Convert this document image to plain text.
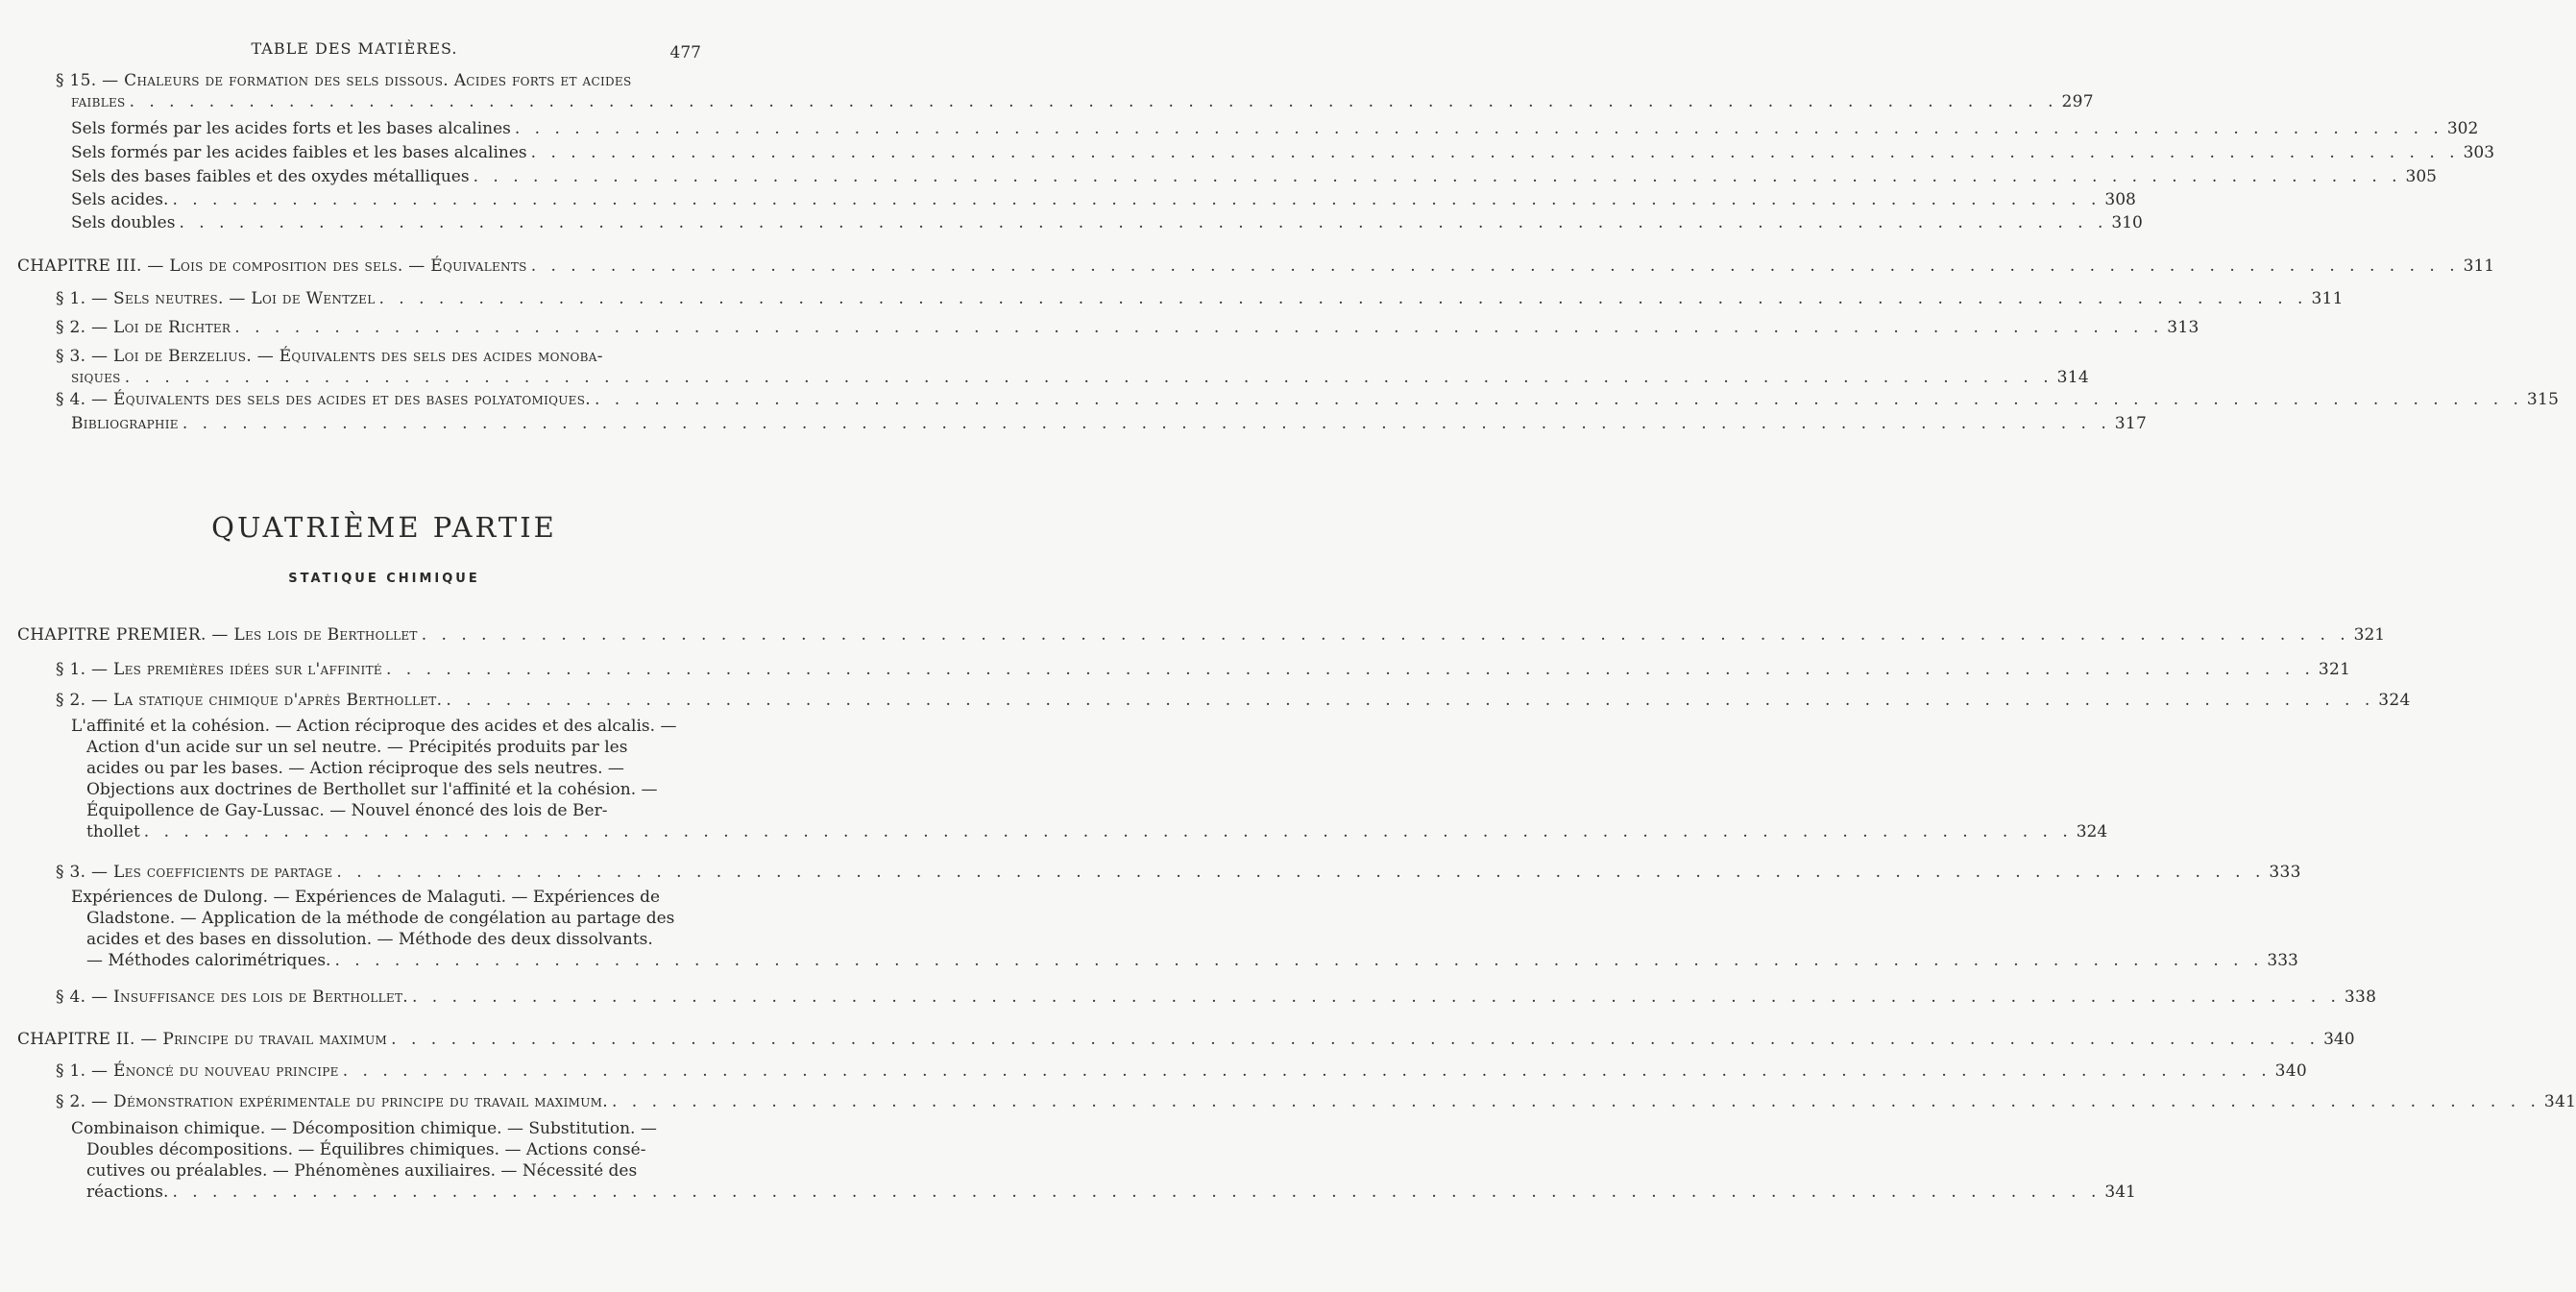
TABLE DES MATIÈRES.	477
§ 15. — Chaleurs de formation des sels dissous. Acides forts et acides
faibles . . . . . . . . . . . . . . . . . . . . . . . . . . . . . . . . . . . . . . . . . . . . . . . . . . . . . . . . . . . . . . . . . . . . . . . . . . . . . . . . . . . . . . . . . . . . . . . . . 297
Sels formés par les acides forts et les bases alcalines . . . . . . . . . . . . . . . . . . . . . . . . . . . . . . . . . . . . . . . . . . . . . . . . . . . . . . . . . . . . . . . . . . . . . . . . . . . . . . . . . . . . . . . . . . . . . . . . . 302
Sels formés par les acides faibles et les bases alcalines . . . . . . . . . . . . . . . . . . . . . . . . . . . . . . . . . . . . . . . . . . . . . . . . . . . . . . . . . . . . . . . . . . . . . . . . . . . . . . . . . . . . . . . . . . . . . . . . . 303
Sels des bases faibles et des oxydes métalliques . . . . . . . . . . . . . . . . . . . . . . . . . . . . . . . . . . . . . . . . . . . . . . . . . . . . . . . . . . . . . . . . . . . . . . . . . . . . . . . . . . . . . . . . . . . . . . . . . 305
Sels acides. . . . . . . . . . . . . . . . . . . . . . . . . . . . . . . . . . . . . . . . . . . . . . . . . . . . . . . . . . . . . . . . . . . . . . . . . . . . . . . . . . . . . . . . . . . . . . . . . . 308
Sels doubles . . . . . . . . . . . . . . . . . . . . . . . . . . . . . . . . . . . . . . . . . . . . . . . . . . . . . . . . . . . . . . . . . . . . . . . . . . . . . . . . . . . . . . . . . . . . . . . . . 310
CHAPITRE III. — Lois de composition des sels. — Équivalents . . . . . . . . . . . . . . . . . . . . . . . . . . . . . . . . . . . . . . . . . . . . . . . . . . . . . . . . . . . . . . . . . . . . . . . . . . . . . . . . . . . . . . . . . . . . . . . . . 311
§ 1. — Sels neutres. — Loi de Wentzel . . . . . . . . . . . . . . . . . . . . . . . . . . . . . . . . . . . . . . . . . . . . . . . . . . . . . . . . . . . . . . . . . . . . . . . . . . . . . . . . . . . . . . . . . . . . . . . . . 311
§ 2. — Loi de Richter . . . . . . . . . . . . . . . . . . . . . . . . . . . . . . . . . . . . . . . . . . . . . . . . . . . . . . . . . . . . . . . . . . . . . . . . . . . . . . . . . . . . . . . . . . . . . . . . . 313
§ 3. — Loi de Berzelius. — Équivalents des sels des acides monoba-
siques . . . . . . . . . . . . . . . . . . . . . . . . . . . . . . . . . . . . . . . . . . . . . . . . . . . . . . . . . . . . . . . . . . . . . . . . . . . . . . . . . . . . . . . . . . . . . . . . . 314
§ 4. — Équivalents des sels des acides et des bases polyatomiques. . . . . . . . . . . . . . . . . . . . . . . . . . . . . . . . . . . . . . . . . . . . . . . . . . . . . . . . . . . . . . . . . . . . . . . . . . . . . . . . . . . . . . . . . . . . . . . . . . 315
Bibliographie . . . . . . . . . . . . . . . . . . . . . . . . . . . . . . . . . . . . . . . . . . . . . . . . . . . . . . . . . . . . . . . . . . . . . . . . . . . . . . . . . . . . . . . . . . . . . . . . . 317
QUATRIÈME PARTIE
STATIQUE CHIMIQUE
CHAPITRE PREMIER. — Les lois de Berthollet . . . . . . . . . . . . . . . . . . . . . . . . . . . . . . . . . . . . . . . . . . . . . . . . . . . . . . . . . . . . . . . . . . . . . . . . . . . . . . . . . . . . . . . . . . . . . . . . . 321
§ 1. — Les premières idées sur l'affinité . . . . . . . . . . . . . . . . . . . . . . . . . . . . . . . . . . . . . . . . . . . . . . . . . . . . . . . . . . . . . . . . . . . . . . . . . . . . . . . . . . . . . . . . . . . . . . . . . 321
§ 2. — La statique chimique d'après Berthollet. . . . . . . . . . . . . . . . . . . . . . . . . . . . . . . . . . . . . . . . . . . . . . . . . . . . . . . . . . . . . . . . . . . . . . . . . . . . . . . . . . . . . . . . . . . . . . . . . . 324
L'affinité et la cohésion. — Action réciproque des acides et des alcalis. —
Action d'un acide sur un sel neutre. — Précipités produits par les
acides ou par les bases. — Action réciproque des sels neutres. —
Objections aux doctrines de Berthollet sur l'affinité et la cohésion. —
Équipollence de Gay-Lussac. — Nouvel énoncé des lois de Ber-
thollet . . . . . . . . . . . . . . . . . . . . . . . . . . . . . . . . . . . . . . . . . . . . . . . . . . . . . . . . . . . . . . . . . . . . . . . . . . . . . . . . . . . . . . . . . . . . . . . . . 324
§ 3. — Les coefficients de partage . . . . . . . . . . . . . . . . . . . . . . . . . . . . . . . . . . . . . . . . . . . . . . . . . . . . . . . . . . . . . . . . . . . . . . . . . . . . . . . . . . . . . . . . . . . . . . . . . 333
Expériences de Dulong. — Expériences de Malaguti. — Expériences de
Gladstone. — Application de la méthode de congélation au partage des
acides et des bases en dissolution. — Méthode des deux dissolvants.
— Méthodes calorimétriques. . . . . . . . . . . . . . . . . . . . . . . . . . . . . . . . . . . . . . . . . . . . . . . . . . . . . . . . . . . . . . . . . . . . . . . . . . . . . . . . . . . . . . . . . . . . . . . . . . 333
§ 4. — Insuffisance des lois de Berthollet. . . . . . . . . . . . . . . . . . . . . . . . . . . . . . . . . . . . . . . . . . . . . . . . . . . . . . . . . . . . . . . . . . . . . . . . . . . . . . . . . . . . . . . . . . . . . . . . . . 338
CHAPITRE II. — Principe du travail maximum . . . . . . . . . . . . . . . . . . . . . . . . . . . . . . . . . . . . . . . . . . . . . . . . . . . . . . . . . . . . . . . . . . . . . . . . . . . . . . . . . . . . . . . . . . . . . . . . . 340
§ 1. — Énoncé du nouveau principe . . . . . . . . . . . . . . . . . . . . . . . . . . . . . . . . . . . . . . . . . . . . . . . . . . . . . . . . . . . . . . . . . . . . . . . . . . . . . . . . . . . . . . . . . . . . . . . . . 340
§ 2. — Démonstration expérimentale du principe du travail maximum. . . . . . . . . . . . . . . . . . . . . . . . . . . . . . . . . . . . . . . . . . . . . . . . . . . . . . . . . . . . . . . . . . . . . . . . . . . . . . . . . . . . . . . . . . . . . . . . . . 341
Combinaison chimique. — Décomposition chimique. — Substitution. —
Doubles décompositions. — Équilibres chimiques. — Actions consé-
cutives ou préalables. — Phénomènes auxiliaires. — Nécessité des
réactions. . . . . . . . . . . . . . . . . . . . . . . . . . . . . . . . . . . . . . . . . . . . . . . . . . . . . . . . . . . . . . . . . . . . . . . . . . . . . . . . . . . . . . . . . . . . . . . . . . 341
